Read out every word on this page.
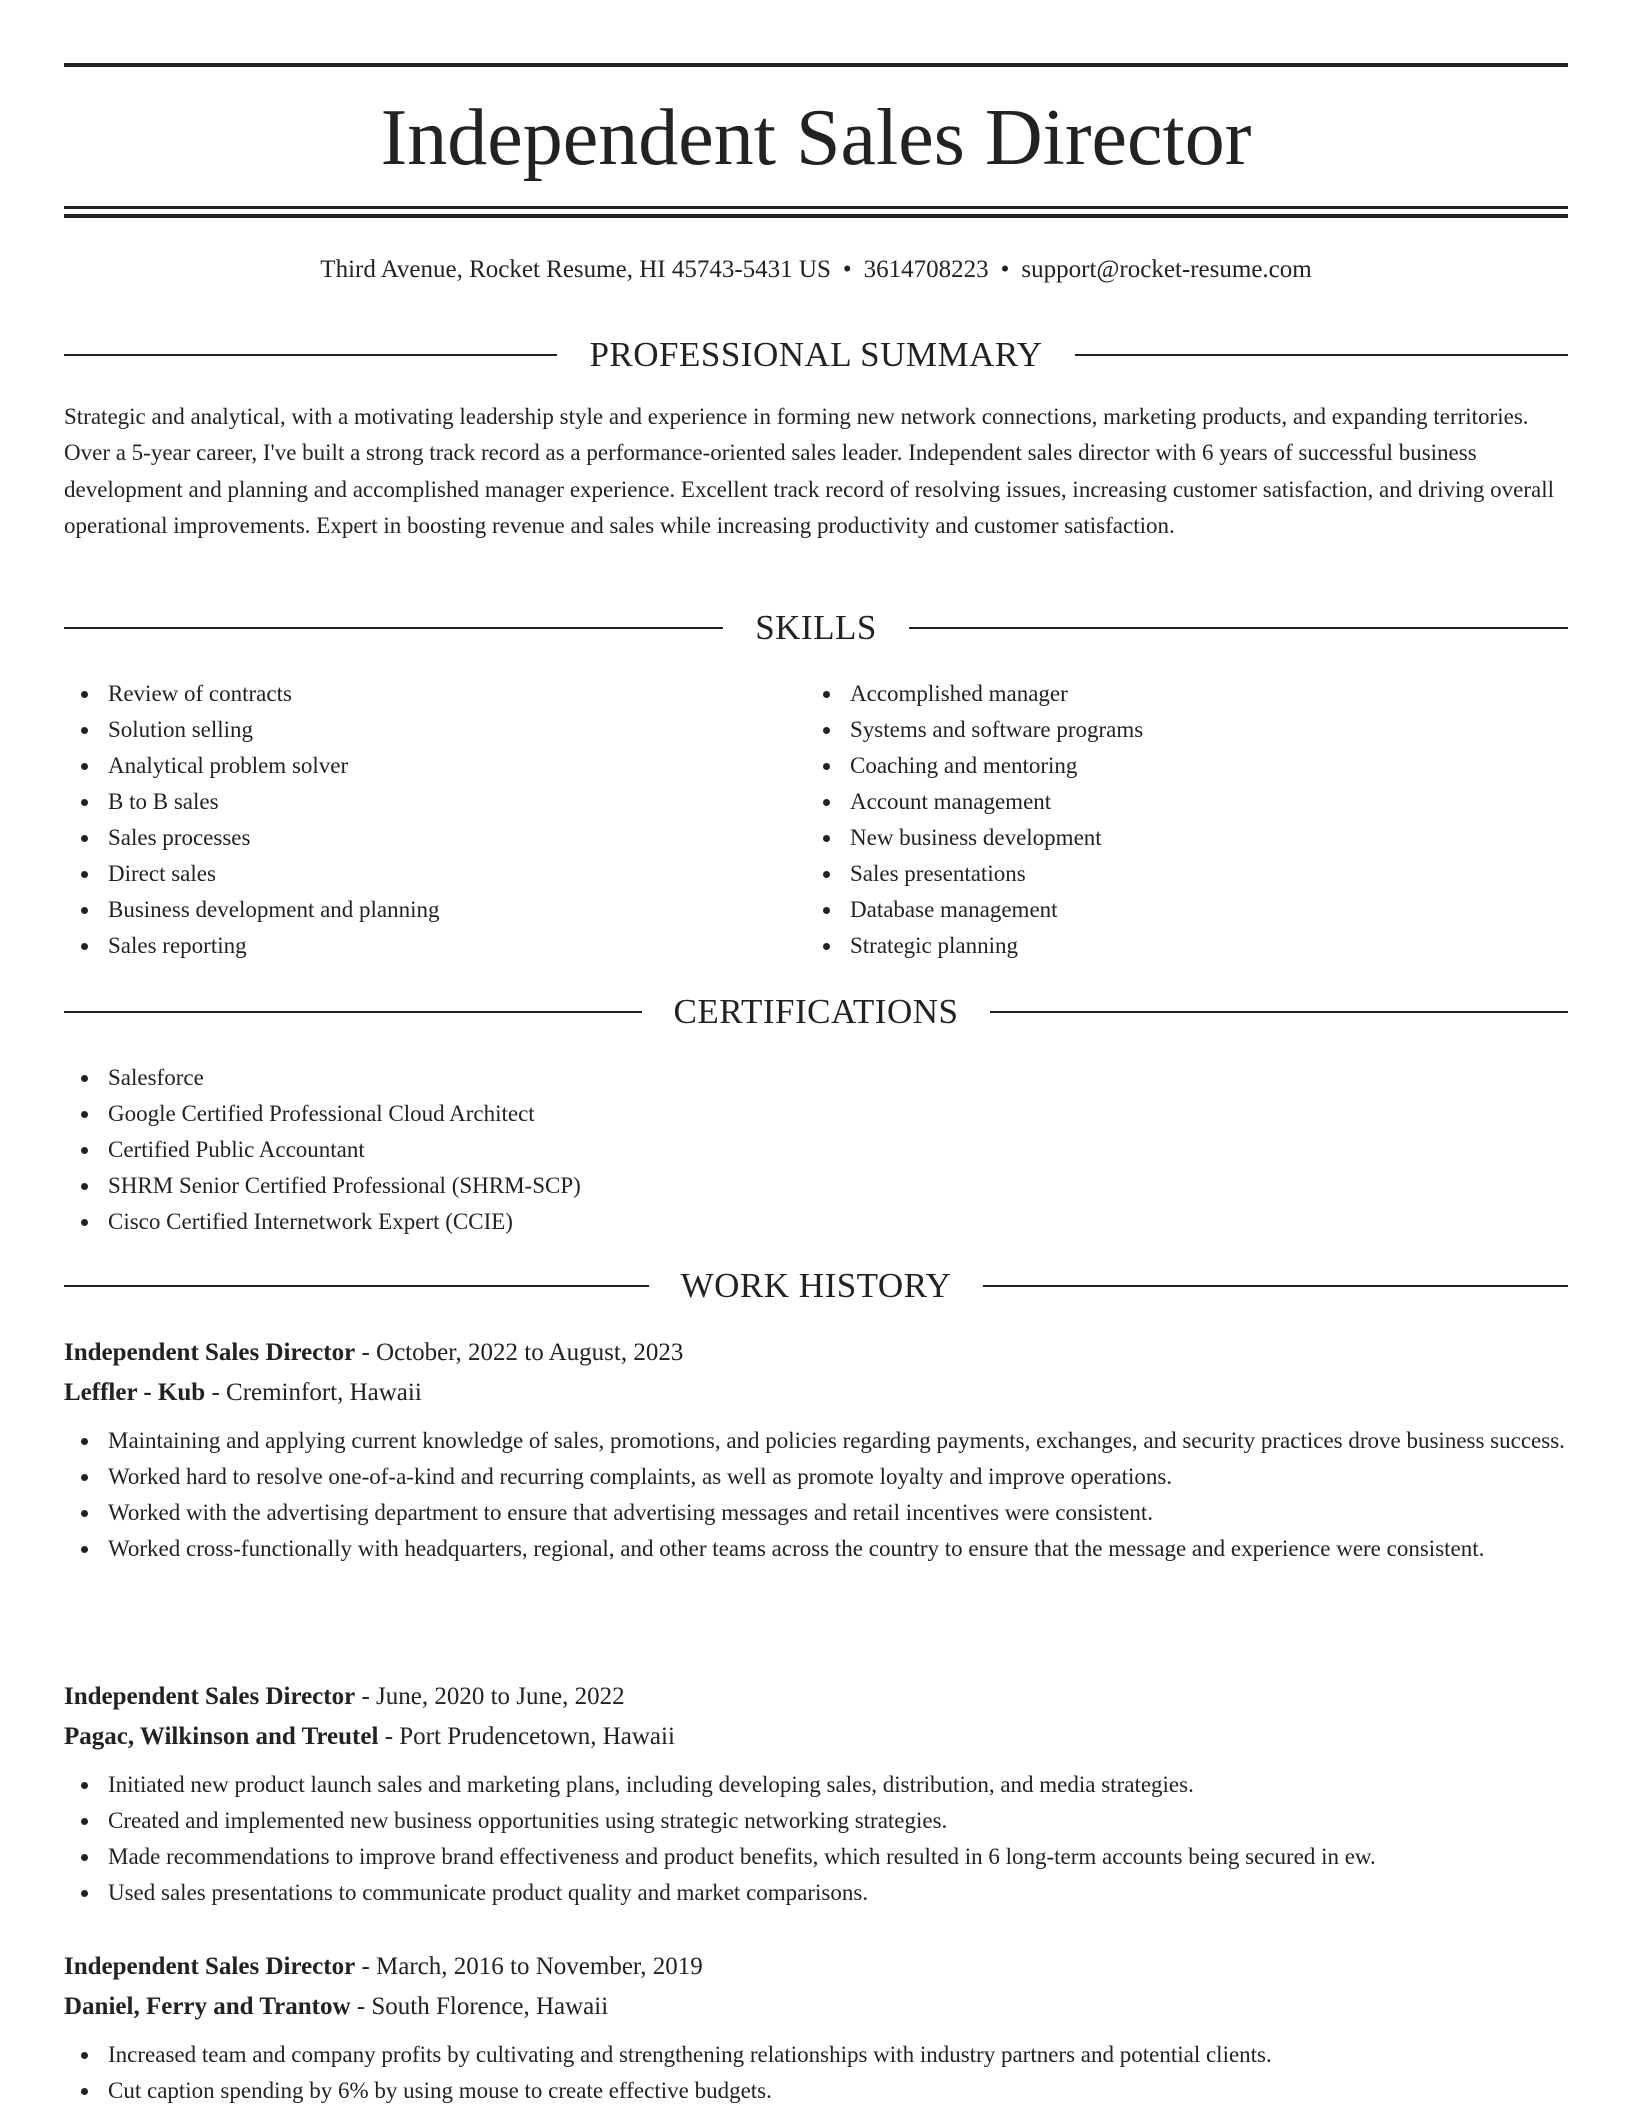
Independent Sales Director
Third Avenue, Rocket Resume, HI 45743-5431 US • 3614708223 • support@rocket-resume.com
PROFESSIONAL SUMMARY

Strategic and analytical, with a motivating leadership style and experience in forming new network connections, marketing products, and expanding territories. Over a 5-year career, I've built a strong track record as a performance-oriented sales leader. Independent sales director with 6 years of successful business development and planning and accomplished manager experience. Excellent track record of resolving issues, increasing customer satisfaction, and driving overall operational improvements. Expert in boosting revenue and sales while increasing productivity and customer satisfaction.

SKILLS
Review of contracts
Solution selling
Analytical problem solver
B to B sales
Sales processes
Direct sales
Business development and planning
Sales reporting
Accomplished manager
Systems and software programs
Coaching and mentoring
Account management
New business development
Sales presentations
Database management
Strategic planning
CERTIFICATIONS
Salesforce
Google Certified Professional Cloud Architect
Certified Public Accountant
SHRM Senior Certified Professional (SHRM-SCP)
Cisco Certified Internetwork Expert (CCIE)
WORK HISTORY
Independent Sales Director - October, 2022 to August, 2023
Leffler - Kub - Creminfort, Hawaii
Maintaining and applying current knowledge of sales, promotions, and policies regarding payments, exchanges, and security practices drove business success.
Worked hard to resolve one-of-a-kind and recurring complaints, as well as promote loyalty and improve operations.
Worked with the advertising department to ensure that advertising messages and retail incentives were consistent.
Worked cross-functionally with headquarters, regional, and other teams across the country to ensure that the message and experience were consistent.
Independent Sales Director - June, 2020 to June, 2022
Pagac, Wilkinson and Treutel - Port Prudencetown, Hawaii
Initiated new product launch sales and marketing plans, including developing sales, distribution, and media strategies.
Created and implemented new business opportunities using strategic networking strategies.
Made recommendations to improve brand effectiveness and product benefits, which resulted in 6 long-term accounts being secured in ew.
Used sales presentations to communicate product quality and market comparisons.
Independent Sales Director - March, 2016 to November, 2019
Daniel, Ferry and Trantow - South Florence, Hawaii
Increased team and company profits by cultivating and strengthening relationships with industry partners and potential clients.
Cut caption spending by 6% by using mouse to create effective budgets.
